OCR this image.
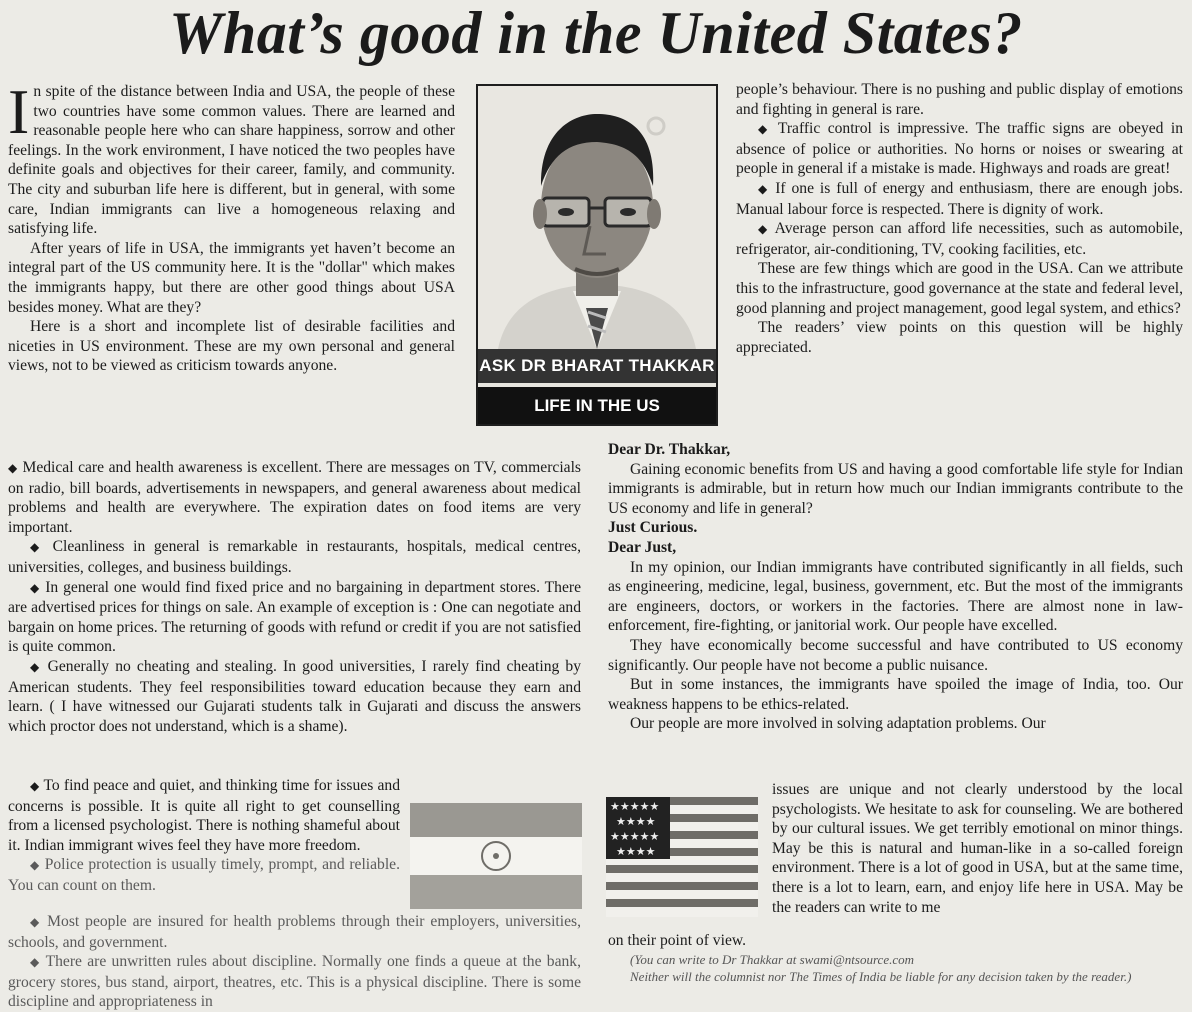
What’s good in the United States?

In spite of the distance between India and USA, the people of these two countries have some common values. There are learned and reasonable people here who can share happiness, sorrow and other feelings. In the work environment, I have noticed the two peoples have definite goals and objectives for their career, family, and community. The city and suburban life here is different, but in general, with some care, Indian immigrants can live a homogeneous relaxing and satisfying life.

After years of life in USA, the immigrants yet haven’t become an integral part of the US community here. It is the "dollar" which makes the immigrants happy, but there are other good things about USA besides money. What are they?

Here is a short and incomplete list of desirable facilities and niceties in US environment. These are my own personal and general views, not to be viewed as criticism towards anyone.	ASK DR BHARAT THAKKAR
LIFE IN THE US

◆ Medical care and health awareness is excellent. There are messages on TV, commercials on radio, bill boards, advertisements in newspapers, and general awareness about medical problems and health are everywhere. The expiration dates on food items are very important.

◆ Cleanliness in general is remarkable in restaurants, hospitals, medical centres, universities, colleges, and business buildings.

◆ In general one would find fixed price and no bargaining in department stores. There are advertised prices for things on sale. An example of exception is : One can negotiate and bargain on home prices. The returning of goods with refund or credit if you are not satisfied is quite common.

◆ Generally no cheating and stealing. In good universities, I rarely find cheating by American students. They feel responsibilities toward education because they earn and learn. ( I have witnessed our Gujarati students talk in Gujarati and discuss the answers which proctor does not understand, which is a shame).

◆ To find peace and quiet, and thinking time for issues and concerns is possible. It is quite all right to get counselling from a licensed psychologist. There is nothing shameful about it. Indian immigrant wives feel they have more freedom.

◆ Police protection is usually timely, prompt, and reliable. You can count on them.

◆ Most people are insured for health problems through their employers, universities, schools, and government.

◆ There are unwritten rules about discipline. Normally one finds a queue at the bank, grocery stores, bus stand, airport, theatres, etc. This is a physical discipline. There is some discipline and appropriateness in

people’s behaviour. There is no pushing and public display of emotions and fighting in general is rare.

◆ Traffic control is impressive. The traffic signs are obeyed in absence of police or authorities. No horns or noises or swearing at people in general if a mistake is made. Highways and roads are great!

◆ If one is full of energy and enthusiasm, there are enough jobs. Manual labour force is respected. There is dignity of work.

◆ Average person can afford life necessities, such as automobile, refrigerator, air-conditioning, TV, cooking facilities, etc.

These are few things which are good in the USA. Can we attribute this to the infrastructure, good governance at the state and federal level, good planning and project management, good legal system, and ethics?

The readers’ view points on this question will be highly appreciated.

Dear Dr. Thakkar,

Gaining economic benefits from US and having a good comfortable life style for Indian immigrants is admirable, but in return how much our Indian immigrants contribute to the US economy and life in general?

Just Curious.

Dear Just,

In my opinion, our Indian immigrants have contributed significantly in all fields, such as engineering, medicine, legal, business, government, etc. But the most of the immigrants are engineers, doctors, or workers in the factories. There are almost none in law-enforcement, fire-fighting, or janitorial work. Our people have excelled.

They have economically become successful and have contributed to US economy significantly. Our people have not become a public nuisance.

But in some instances, the immigrants have spoiled the image of India, too. Our weakness happens to be ethics-related.

Our people are more involved in solving adaptation problems. Our

★★★★★
★★★★
★★★★★
★★★★

issues are unique and not clearly understood by the local psychologists. We hesitate to ask for counseling. We are bothered by our cultural issues. We get terribly emotional on minor things. May be this is natural and human-like in a so-called foreign environment. There is a lot of good in USA, but at the same time, there is a lot to learn, earn, and enjoy life here in USA. May be the readers can write to me

on their point of view.

(You can write to Dr Thakkar at swami@ntsource.com

Neither will the columnist nor The Times of India be liable for any decision taken by the reader.)
